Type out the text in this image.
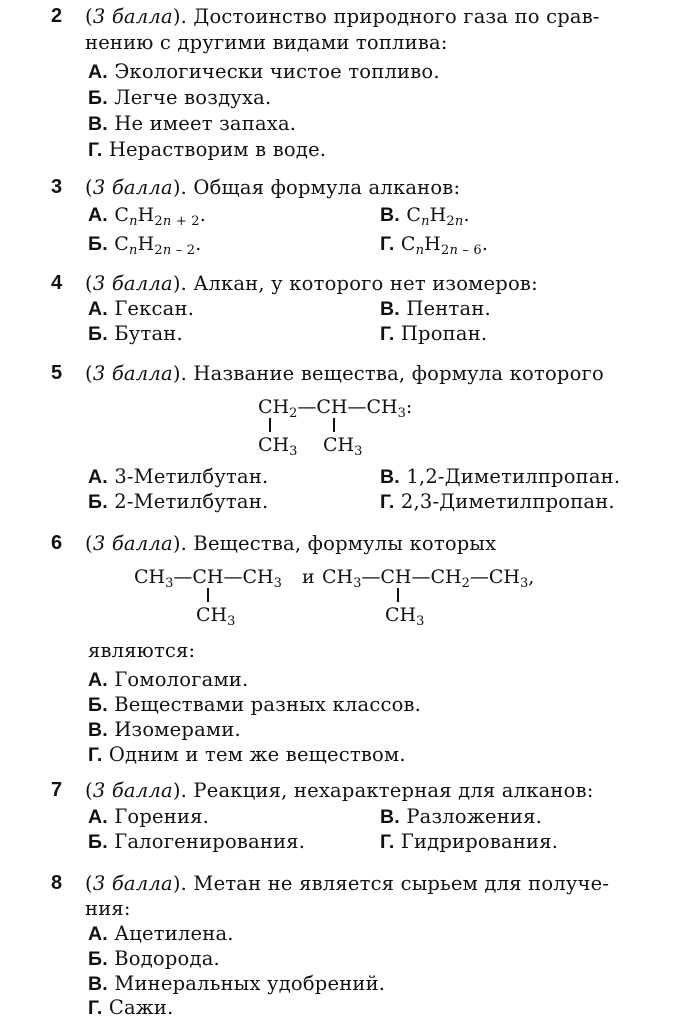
2 (3 балла). Достоинство природного газа по срав-
нению с другими видами топлива:
А. Экологически чистое топливо.
Б. Легче воздуха.
В. Не имеет запаха.
Г. Нерастворим в воде.
3 (3 балла). Общая формула алканов:
А. $C_nH_{2n + 2}$.	В. $C_nH_{2n}$.
Б. $C_nH_{2n - 2}$.	Г. $C_nH_{2n - 6}$.
4 (3 балла). Алкан, у которого нет изомеров:
А. Гексан.	В. Пентан.
Б. Бутан.	Г. Пропан.
5 (3 балла). Название вещества, формула которого
$CH_2—CH—CH_3$:
$CH_3$ $CH_3$
А. 3-Метилбутан.	В. 1,2-Диметилпропан.
Б. 2-Метилбутан.	Г. 2,3-Диметилпропан.
6 (3 балла). Вещества, формулы которых
$CH_3—CH—CH_3$ и $CH_3—CH—CH_2—CH_3$,
$CH_3$	$CH_3$
являются:
А. Гомологами.
Б. Веществами разных классов.
В. Изомерами.
Г. Одним и тем же веществом.
7 (3 балла). Реакция, нехарактерная для алканов:
А. Горения.	В. Разложения.
Б. Галогенирования.	Г. Гидрирования.
8 (3 балла). Метан не является сырьем для получе-
ния:
А. Ацетилена.
Б. Водорода.
В. Минеральных удобрений.
Г. Сажи.
